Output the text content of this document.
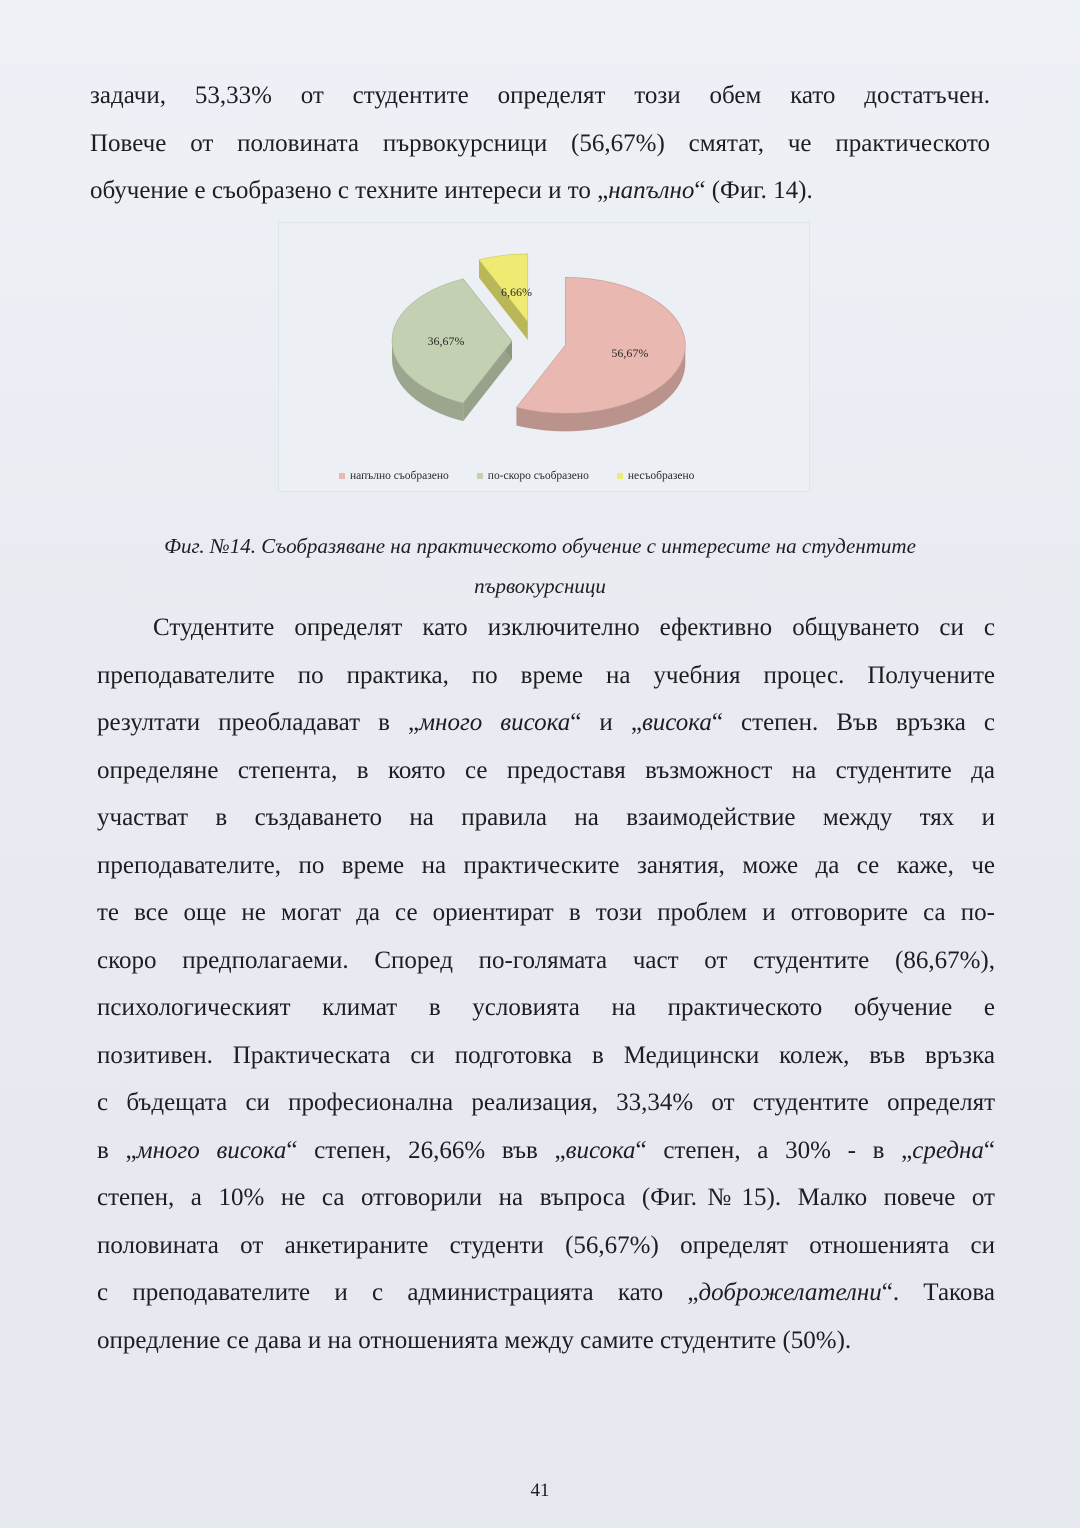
задачи, 53,33% от студентите определят този обем като достатъчен.
Повече от половината първокурсници (56,67%) смятат, че практическото
обучение е съобразено с техните интереси и то „напълно“ (Фиг. 14).
56,67%
36,67%
6,66%
напълно съобразено	по-скоро съобразено	несъобразено

Фиг. №14. Съобразяване на практическото обучение с интересите на студентите
първокурсници

Студентите определят като изключително ефективно общуването си с
преподавателите по практика, по време на учебния процес. Получените
резултати преобладават в „много висока“ и „висока“ степен. Във връзка с
определяне степента, в която се предоставя възможност на студентите да
участват в създаването на правила на взаимодействие между тях и
преподавателите, по време на практическите занятия, може да се каже, че
те все още не могат да се ориентират в този проблем и отговорите са по-
скоро предполагаеми. Според по-голямата част от студентите (86,67%),
психологическият климат в условията на практическото обучение е
позитивен. Практическата си подготовка в Медицински колеж, във връзка
с бъдещата си професионална реализация, 33,34% от студентите определят
в „много висока“ степен, 26,66% във „висока“ степен, а 30% - в „средна“
степен, а 10% не са отговорили на въпроса (Фиг.№15). Малко повече от
половината от анкетираните студенти (56,67%) определят отношенията си
с преподавателите и с администрацията като „доброжелателни“. Такова
опредление се дава и на отношенията между самите студентите (50%).
41
